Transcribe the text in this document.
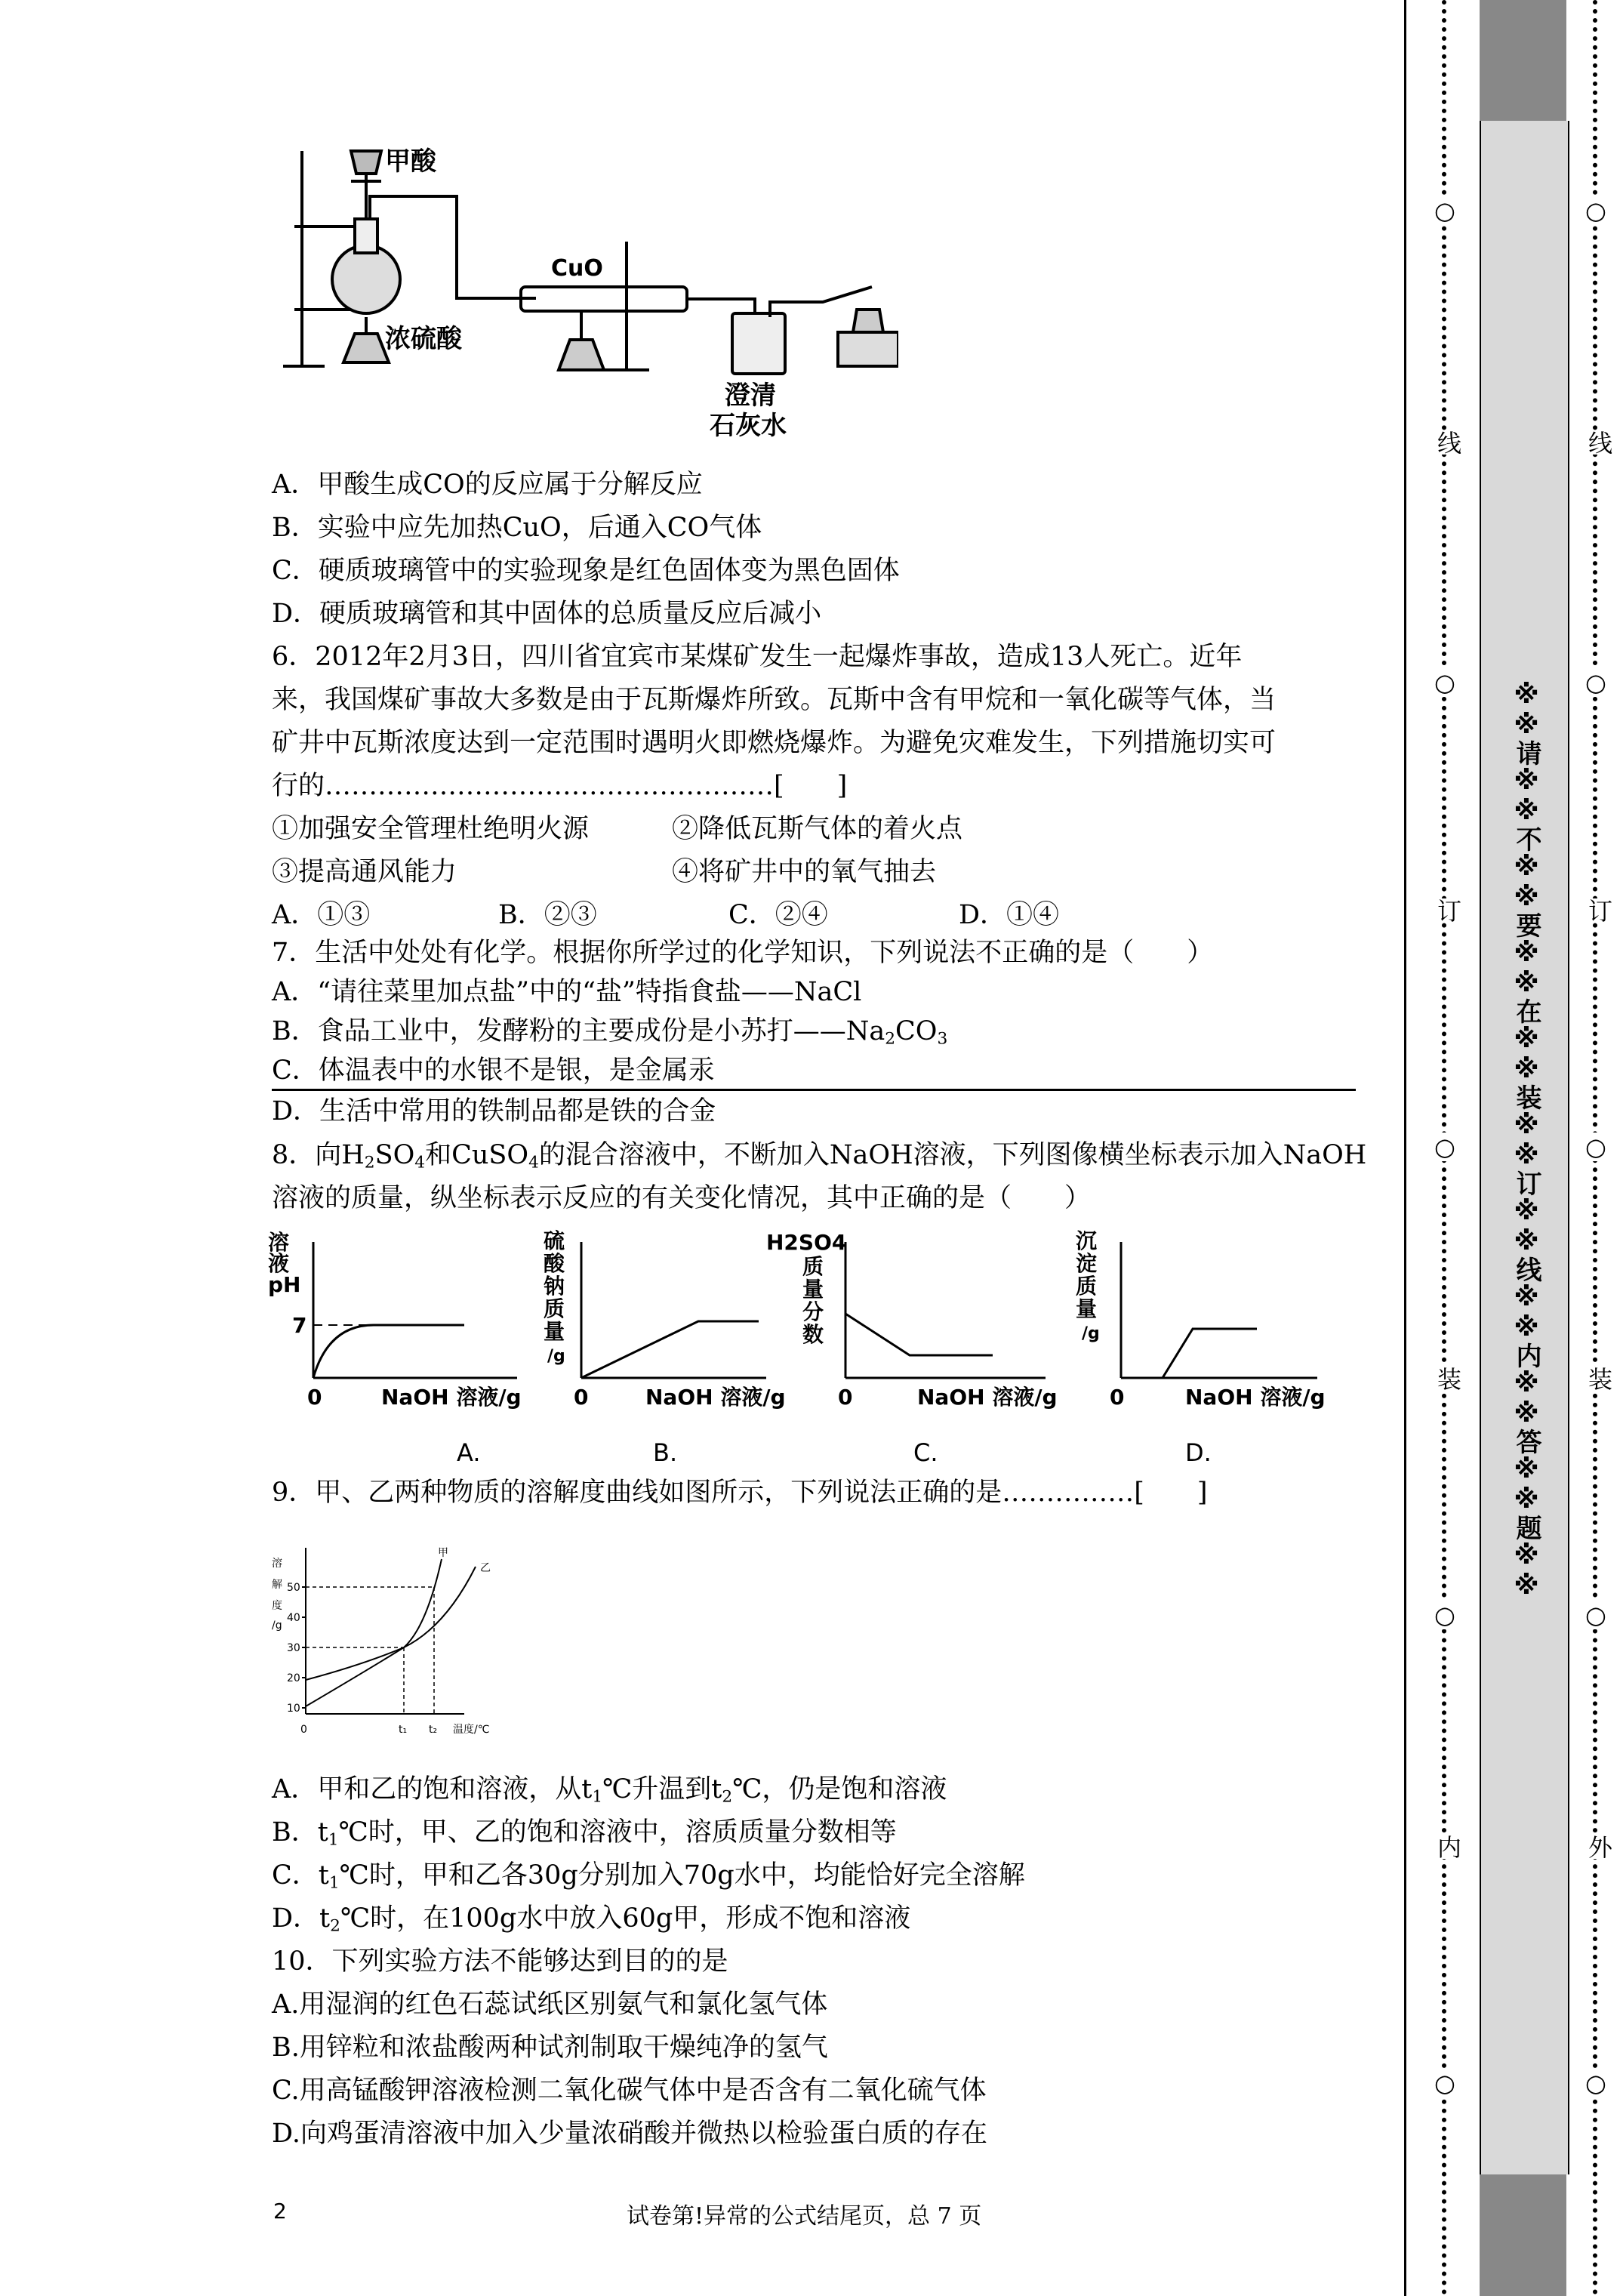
甲酸
CuO
浓硫酸
澄清
石灰水
A．甲酸生成CO的反应属于分解反应
B．实验中应先加热CuO，后通入CO气体
C．硬质玻璃管中的实验现象是红色固体变为黑色固体
D．硬质玻璃管和其中固体的总质量反应后减小
6．2012年2月3日，四川省宜宾市某煤矿发生一起爆炸事故，造成13人死亡。近年
来，我国煤矿事故大多数是由于瓦斯爆炸所致。瓦斯中含有甲烷和一氧化碳等气体，当
矿井中瓦斯浓度达到一定范围时遇明火即燃烧爆炸。为避免灾难发生，下列措施切实可
行的……………………………………………[　　]
①加强安全管理杜绝明火源	②降低瓦斯气体的着火点
③提高通风能力	④将矿井中的氧气抽去
A．①③	B．②③	C．②④	D．①④
7．生活中处处有化学。根据你所学过的化学知识，下列说法不正确的是（　　）
A．“请往菜里加点盐”中的“盐”特指食盐——NaCl
B．食品工业中，发酵粉的主要成份是小苏打$——Na_2CO_3$
C．体温表中的水银不是银，是金属汞
D．生活中常用的铁制品都是铁的合金
8．向$H_2SO_4$和CuSO$_4$的混合溶液中，不断加入NaOH溶液，下列图像横坐标表示加入NaOH
溶液的质量，纵坐标表示反应的有关变化情况，其中正确的是（　　）
溶
液
pH
7
0	NaOH 溶液/g
硫
酸
钠
质
量
/g
0	NaOH 溶液/g
H2SO4
质
量
分
数
0	NaOH 溶液/g
沉
淀
质
量
/g
0	NaOH 溶液/g
A.	B.	C.	D.
9．甲、乙两种物质的溶解度曲线如图所示，下列说法正确的是……………[　　]
溶
解
度
/g
50
40
30
20
10
0	t₁ t₂ 温度/℃
甲
乙
A．甲和乙的饱和溶液，从$t_1℃$升温到$t_2℃$，仍是饱和溶液
B．$t_1℃$时，甲、乙的饱和溶液中，溶质质量分数相等
C．$t_1℃$时，甲和乙各30g分别加入70g水中，均能恰好完全溶解
D．$t_2℃$时，在100g水中放入60g甲，形成不饱和溶液
10．下列实验方法不能够达到目的的是
A.用湿润的红色石蕊试纸区别氨气和氯化氢气体
B.用锌粒和浓盐酸两种试剂制取干燥纯净的氢气
C.用高锰酸钾溶液检测二氧化碳气体中是否含有二氧化硫气体
D.向鸡蛋清溶液中加入少量浓硝酸并微热以检验蛋白质的存在
2	试卷第!异常的公式结尾页，总 7 页
※※请※※不※※要※※在※※装※※订※※线※※内※※答※※题※※
○
线
○
订
○
装
○
内
○
○
线
○
订
○
装
○
外
○
